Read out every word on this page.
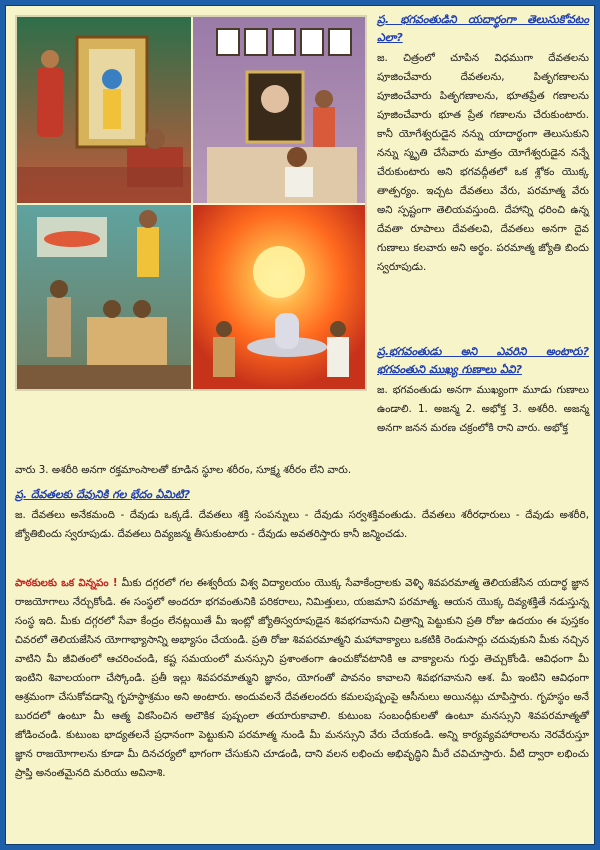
ప్ర. భగవంతుడిని యదార్థంగా తెలుసుకోవటం ఎలా?
జ. చిత్రంలో చూపిన విధముగా దేవతలను పూజించేవారు దేవతలను, పితృగణాలను పూజించేవారు పితృగణాలను, భూతప్రేత గణాలను పూజించేవారు భూత ప్రేత గణాలను చేరుకుంటారు. కానీ యోగేశ్వరుడైన నన్ను యాదార్థంగా తెలుసుకుని నన్ను స్మృతి చేసేవారు మాత్రం యోగేశ్వరుడైన నన్నే చేరుకుంటారు అని భగవద్గీతలో ఒక శ్లోకం యొక్క తాత్పర్యం. ఇచ్చట దేవతలు వేరు, పరమాత్మ వేరు అని స్పష్టంగా తెలియవస్తుంది. దేహాన్ని ధరించి ఉన్న దేవతా రూపాలు దేవతలవి, దేవతలు అనగా దైవ గుణాలు కలవారు అని అర్థం. పరమాత్మ జ్యోతి బిందు స్వరూపుడు.
ప్ర.భగవంతుడు అని ఎవరిని అంటారు? భగవంతుని ముఖ్య గుణాలు ఏవి?
జ. భగవంతుడు అనగా ముఖ్యంగా మూడు గుణాలు ఉండాలి. 1. అజన్మ 2. అభోక్త 3. అశరీరి. అజన్మ అనగా జనన మరణ చక్రంలోకి రాని వారు. అభోక్త
వారు 3. అశరీరి అనగా రక్తమాంసాలతో కూడిన స్థూల శరీరం, సూక్ష్మ శరీరం లేని వారు.
ప్ర. దేవతలకు దేవునికి గల భేదం ఏమిటి?
జ. దేవతలు అనేకమంది - దేవుడు ఒక్కడే. దేవతలు శక్తి సంపన్నులు - దేవుడు సర్వశక్తివంతుడు. దేవతలు శరీరధారులు - దేవుడు అశరీరి, జ్యోతిబిందు స్వరూపుడు. దేవతలు దివ్యజన్మ తీసుకుంటారు - దేవుడు అవతరిస్తారు కానీ జన్మించడు.
పాఠకులకు ఒక విన్నపం ! మీకు దగ్గరలో గల ఈశ్వరీయ విశ్వ విద్యాలయం యొక్క సేవాకేంద్రాలకు వెళ్ళి శివపరమాత్మ తెలియజేసిన యదార్థ జ్ఞాన రాజయోగాలు నేర్చుకోండి. ఈ సంస్థలో అందరూ భగవంతునికి పరికరాలు, నిమిత్తులు, యజమాని పరమాత్మ. ఆయన యొక్క దివ్యశక్తితే నడుస్తున్న సంస్థ ఇది. మీకు దగ్గరలో సేవా కేంద్రం లేనట్లయితే మీ ఇంట్లో జ్యోతిస్వరూపుడైన శివభగవానుని చిత్రాన్ని పెట్టుకుని ప్రతి రోజు ఉదయం ఈ పుస్తకం చివరలో తెలియజేసిన యోగాభ్యాసాన్ని అభ్యాసం చేయండి. ప్రతి రోజు శివపరమాత్మని మహావాక్యాలు ఒకటికి రెండుసార్లు చదువుకుని మీకు నచ్చిన వాటిని మీ జీవితంలో ఆచరించండి, కష్ట సమయంలో మనస్సుని ప్రశాంతంగా ఉంచుకోవటానికి ఆ వాక్యాలను గుర్తు తెచ్చుకోండి. ఆవిధంగా మీ ఇంటిని శివాలయంగా చేస్కోండి. ప్రతీ ఇల్లు శివపరమాత్ముని జ్ఞానం, యోగంతో పావనం కావాలని శివభగవానుని ఆశ. మీ ఇంటిని ఆవిధంగా ఆశ్రమంగా చేసుకోవడాన్ని గృహస్థాశ్రమం అని అంటారు. అందువలనే దేవతలందరు కమలపుష్పంపై ఆసీనులు అయినట్లు చూపిస్తారు. గృహస్థం అనే బురదలో ఉంటూ మీ ఆత్మ వికసించిన అలౌకిక పుష్పంలా తయారుకావాలి. కుటుంబ సంబంధీకులతో ఉంటూ మనస్సుని శివపరమాత్మతో జోడించండి. కుటుంబ భాద్యతలనే ప్రధానంగా పెట్టుకుని పరమాత్మ నుండి మీ మనస్సుని వేరు చేయకండి. అన్ని కార్యవ్యవహారాలను నెరవేరుస్తూ జ్ఞాన రాజయోగాలను కూడా మీ దినచర్యలో భాగంగా చేసుకుని చూడండి, దాని వలన లభించు అభివృద్ధిని మీరే చవిచూస్తారు. వీటి ద్వారా లభించు ప్రాప్తి అనంతమైనది మరియు అవినాశి.
